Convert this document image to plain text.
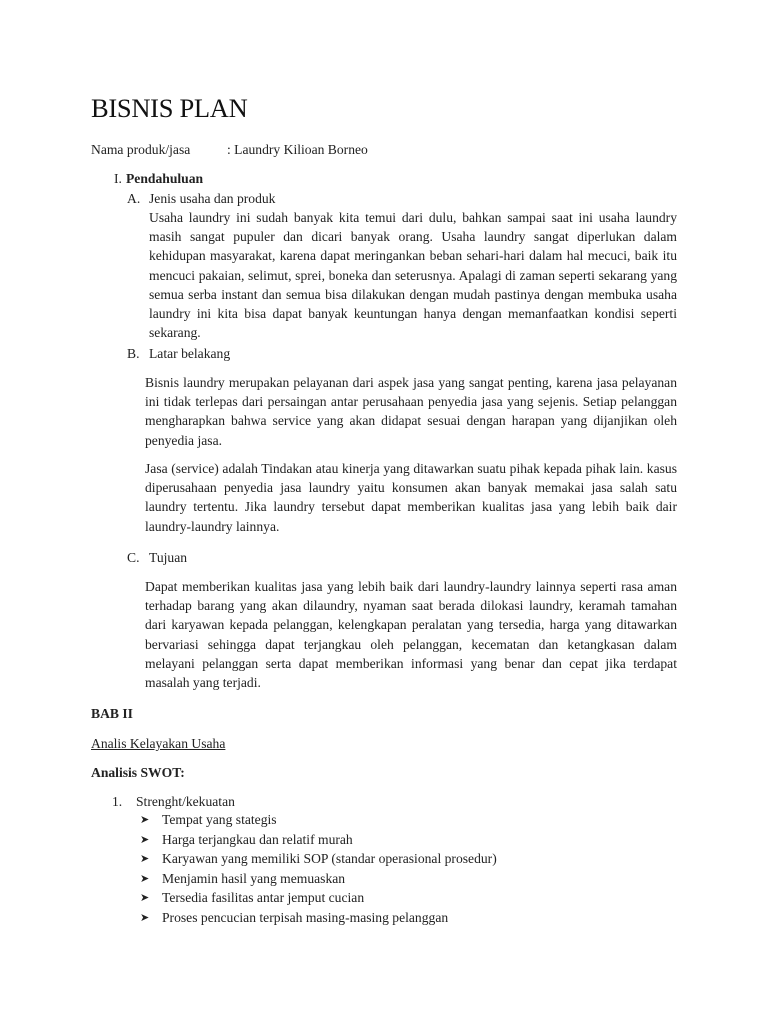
BISNIS PLAN
Nama produk/jasa	: Laundry Kilioan Borneo
I. Pendahuluan
A. Jenis usaha dan produk

Usaha laundry ini sudah banyak kita temui dari dulu, bahkan sampai saat ini usaha laundry masih sangat pupuler dan dicari banyak orang. Usaha laundry sangat diperlukan dalam kehidupan masyarakat, karena dapat meringankan beban sehari-hari dalam hal mecuci, baik itu mencuci pakaian, selimut, sprei, boneka dan seterusnya. Apalagi di zaman seperti sekarang yang semua serba instant dan semua bisa dilakukan dengan mudah pastinya dengan membuka usaha laundry ini kita bisa dapat banyak keuntungan hanya dengan memanfaatkan kondisi seperti sekarang.

B. Latar belakang

Bisnis laundry merupakan pelayanan dari aspek jasa yang sangat penting, karena jasa pelayanan ini tidak terlepas dari persaingan antar perusahaan penyedia jasa yang sejenis. Setiap pelanggan mengharapkan bahwa service yang akan didapat sesuai dengan harapan yang dijanjikan oleh penyedia jasa.

Jasa (service) adalah Tindakan atau kinerja yang ditawarkan suatu pihak kepada pihak lain. kasus diperusahaan penyedia jasa laundry yaitu konsumen akan banyak memakai jasa salah satu laundry tertentu. Jika laundry tersebut dapat memberikan kualitas jasa yang lebih baik dair laundry-laundry lainnya.

C. Tujuan

Dapat memberikan kualitas jasa yang lebih baik dari laundry-laundry lainnya seperti rasa aman terhadap barang yang akan dilaundry, nyaman saat berada dilokasi laundry, keramah tamahan dari karyawan kepada pelanggan, kelengkapan peralatan yang tersedia, harga yang ditawarkan bervariasi sehingga dapat terjangkau oleh pelanggan, kecematan dan ketangkasan dalam melayani pelanggan serta dapat memberikan informasi yang benar dan cepat jika terdapat masalah yang terjadi.

BAB II
Analis Kelayakan Usaha
Analisis SWOT:
1. Strenght/kekuatan
➤ Tempat yang stategis
➤ Harga terjangkau dan relatif murah
➤ Karyawan yang memiliki SOP (standar operasional prosedur)
➤ Menjamin hasil yang memuaskan
➤ Tersedia fasilitas antar jemput cucian
➤ Proses pencucian terpisah masing-masing pelanggan
